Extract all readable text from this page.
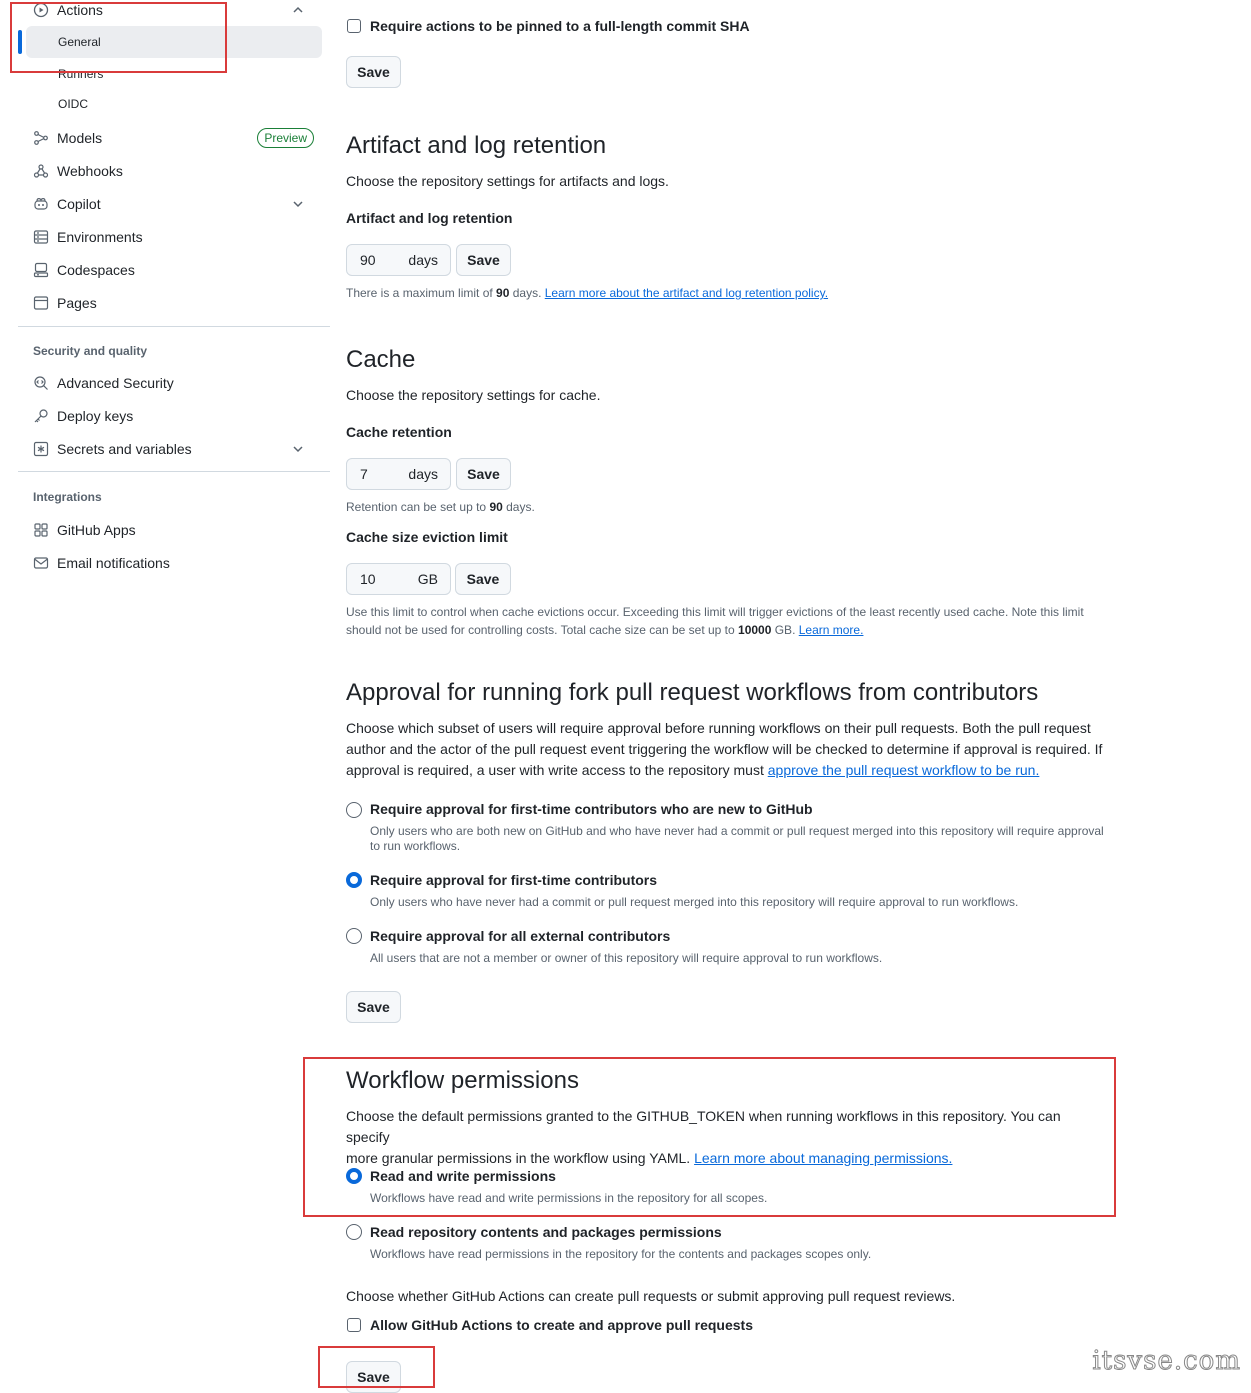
Actions
General
Runners
OIDC
Models	Preview
Webhooks
Copilot
Environments
Codespaces
Pages
Security and quality
Advanced Security
Deploy keys
Secrets and variables
Integrations
GitHub Apps
Email notifications
Require actions to be pinned to a full-length commit SHA
Save
Artifact and log retention

Choose the repository settings for artifacts and logs.

Artifact and log retention
90 days	Save
There is a maximum limit of 90 days. Learn more about the artifact and log retention policy.
Cache

Choose the repository settings for cache.

Cache retention
7	days	Save
Retention can be set up to 90 days.
Cache size eviction limit
10	GB	Save
Use this limit to control when cache evictions occur. Exceeding this limit will trigger evictions of the least recently used cache. Note this limit
should not be used for controlling costs. Total cache size can be set up to 10000 GB. Learn more.
Approval for running fork pull request workflows from contributors
Choose which subset of users will require approval before running workflows on their pull requests. Both the pull request
author and the actor of the pull request event triggering the workflow will be checked to determine if approval is required. If
approval is required, a user with write access to the repository must approve the pull request workflow to be run.
Require approval for first-time contributors who are new to GitHub
Only users who are both new on GitHub and who have never had a commit or pull request merged into this repository will require approval
to run workflows.
Require approval for first-time contributors
Only users who have never had a commit or pull request merged into this repository will require approval to run workflows.
Require approval for all external contributors
All users that are not a member or owner of this repository will require approval to run workflows.
Save
Workflow permissions
Choose the default permissions granted to the GITHUB_TOKEN when running workflows in this repository. You can specify
more granular permissions in the workflow using YAML. Learn more about managing permissions.
Read and write permissions
Workflows have read and write permissions in the repository for all scopes.
Read repository contents and packages permissions
Workflows have read permissions in the repository for the contents and packages scopes only.

Choose whether GitHub Actions can create pull requests or submit approving pull request reviews.

Allow GitHub Actions to create and approve pull requests
Save
itsvse.com
